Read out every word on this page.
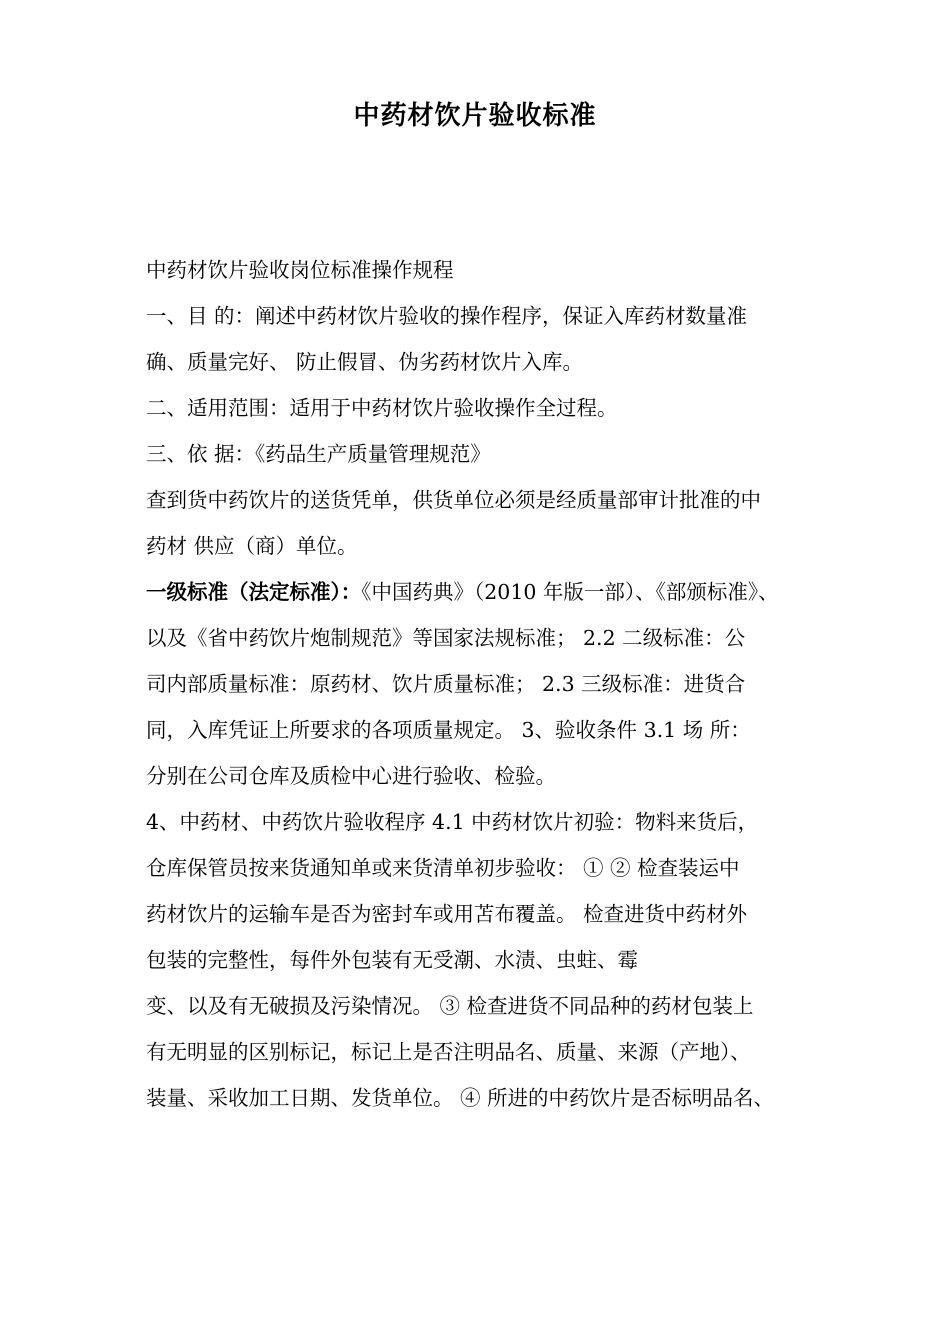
中药材饮片验收标准
中药材饮片验收岗位标准操作规程
一、目 的：阐述中药材饮片验收的操作程序，保证入库药材数量准
确、质量完好、 防止假冒、伪劣药材饮片入库。
二、适用范围：适用于中药材饮片验收操作全过程。
三、依 据：《药品生产质量管理规范》
查到货中药饮片的送货凭单，供货单位必须是经质量部审计批准的中
药材 供应（商）单位。
一级标准（法定标准）：《中国药典》（2010 年版一部）、《部颁标准》、
以及《省中药饮片炮制规范》等国家法规标准； 2.2 二级标准：公
司内部质量标准：原药材、饮片质量标准； 2.3 三级标准：进货合
同，入库凭证上所要求的各项质量规定。 3、验收条件 3.1 场 所：
分别在公司仓库及质检中心进行验收、检验。
4、中药材、中药饮片验收程序 4.1 中药材饮片初验：物料来货后，
仓库保管员按来货通知单或来货清单初步验收： ① ② 检查装运中
药材饮片的运输车是否为密封车或用苫布覆盖。 检查进货中药材外
包装的完整性，每件外包装有无受潮、水渍、虫蛀、霉
变、以及有无破损及污染情况。 ③ 检查进货不同品种的药材包装上
有无明显的区别标记，标记上是否注明品名、质量、来源（产地）、
装量、采收加工日期、发货单位。 ④ 所进的中药饮片是否标明品名、
